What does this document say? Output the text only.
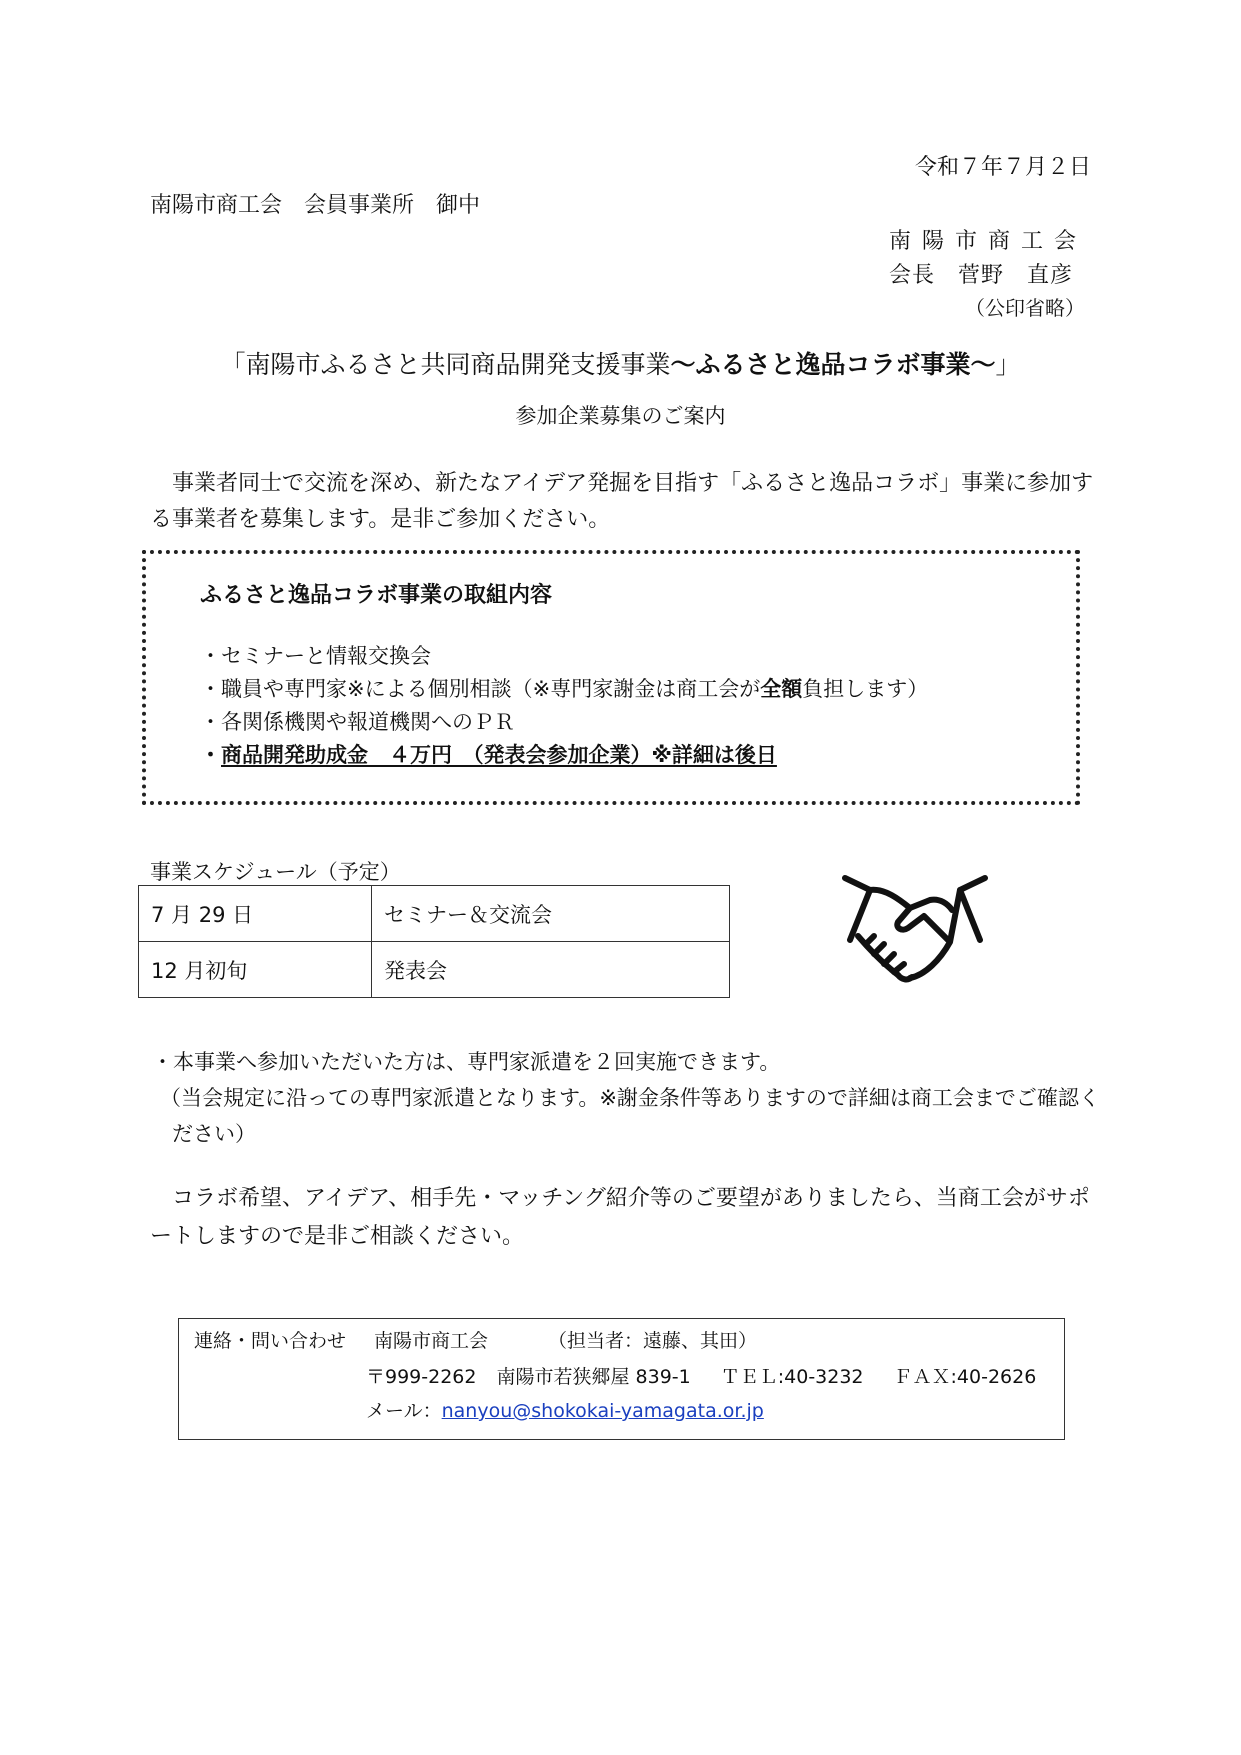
令和７年７月２日
南陽市商工会　会員事業所　御中
南陽市商工会
会長　菅野　直彦
（公印省略）
「南陽市ふるさと共同商品開発支援事業～ふるさと逸品コラボ事業～」
参加企業募集のご案内
事業者同士で交流を深め、新たなアイデア発掘を目指す「ふるさと逸品コラボ」事業に参加する事業者を募集します。是非ご参加ください。
ふるさと逸品コラボ事業の取組内容
・セミナーと情報交換会
・職員や専門家※による個別相談（※専門家謝金は商工会が全額負担します）
・各関係機関や報道機関へのＰＲ
・商品開発助成金　４万円　（発表会参加企業）※詳細は後日
事業スケジュール（予定）
7 月 29 日	セミナー＆交流会
12 月初旬	発表会
・本事業へ参加いただいた方は、専門家派遣を２回実施できます。
（当会規定に沿っての専門家派遣となります。※謝金条件等ありますので詳細は商工会までご確認ください）
コラボ希望、アイデア、相手先・マッチング紹介等のご要望がありましたら、当商工会がサポートしますので是非ご相談ください。
連絡・問い合わせ 南陽市商工会	（担当者：遠藤、其田）
〒999-2262 南陽市若狭郷屋 839-1 ＴＥＬ:40-3232 ＦＡＸ:40-2626
メール：nanyou@shokokai-yamagata.or.jp
